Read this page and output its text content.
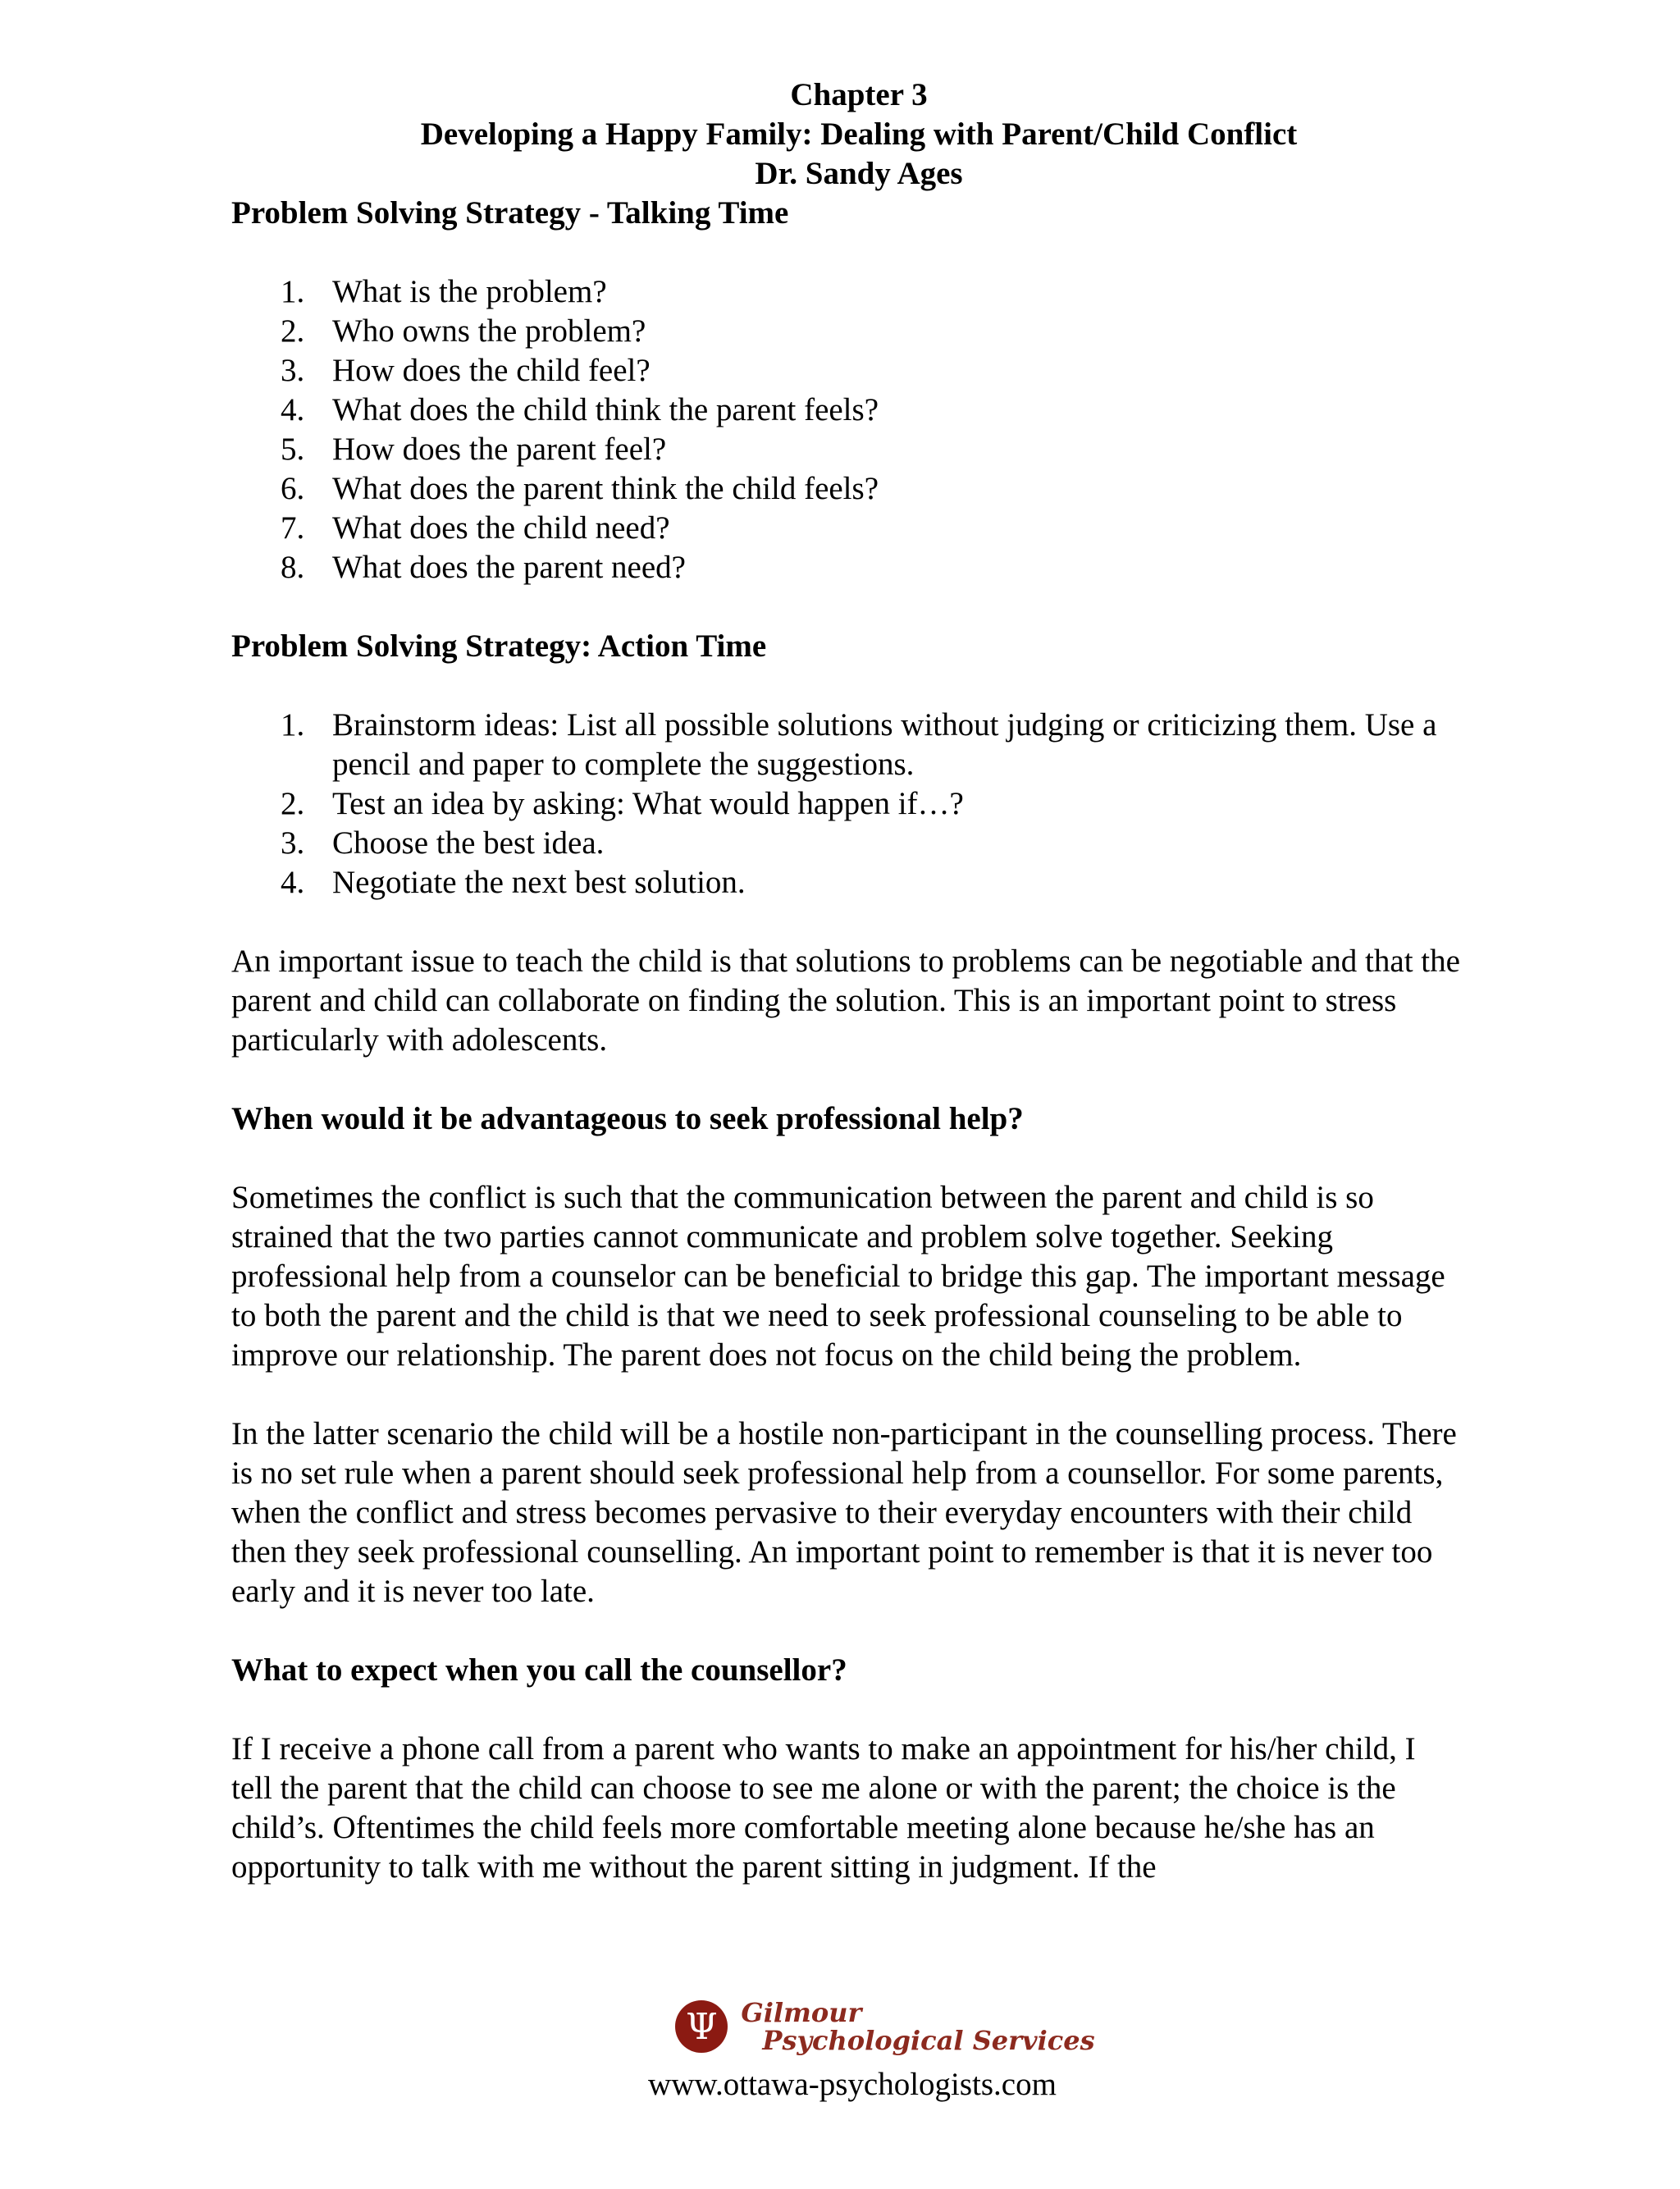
Chapter 3
Developing a Happy Family: Dealing with Parent/Child Conflict
Dr. Sandy Ages
Problem Solving Strategy - Talking Time
1. What is the problem?
2. Who owns the problem?
3. How does the child feel?
4. What does the child think the parent feels?
5. How does the parent feel?
6. What does the parent think the child feels?
7. What does the child need?
8. What does the parent need?
Problem Solving Strategy: Action Time
1. Brainstorm ideas: List all possible solutions without judging or criticizing them. Use a pencil and paper to complete the suggestions.
2. Test an idea by asking: What would happen if…?
3. Choose the best idea.
4. Negotiate the next best solution.

An important issue to teach the child is that solutions to problems can be negotiable and that the parent and child can collaborate on finding the solution. This is an important point to stress particularly with adolescents.

When would it be advantageous to seek professional help?

Sometimes the conflict is such that the communication between the parent and child is so strained that the two parties cannot communicate and problem solve together. Seeking professional help from a counselor can be beneficial to bridge this gap. The important message to both the parent and the child is that we need to seek professional counseling to be able to improve our relationship. The parent does not focus on the child being the problem.

In the latter scenario the child will be a hostile non-participant in the counselling process. There is no set rule when a parent should seek professional help from a counsellor. For some parents, when the conflict and stress becomes pervasive to their everyday encounters with their child then they seek professional counselling. An important point to remember is that it is never too early and it is never too late.

What to expect when you call the counsellor?

If I receive a phone call from a parent who wants to make an appointment for his/her child, I tell the parent that the child can choose to see me alone or with the parent; the choice is the child’s. Oftentimes the child feels more comfortable meeting alone because he/she has an opportunity to talk with me without the parent sitting in judgment. If the

Ψ Gilmour
Psychological Services
www.ottawa-psychologists.com
